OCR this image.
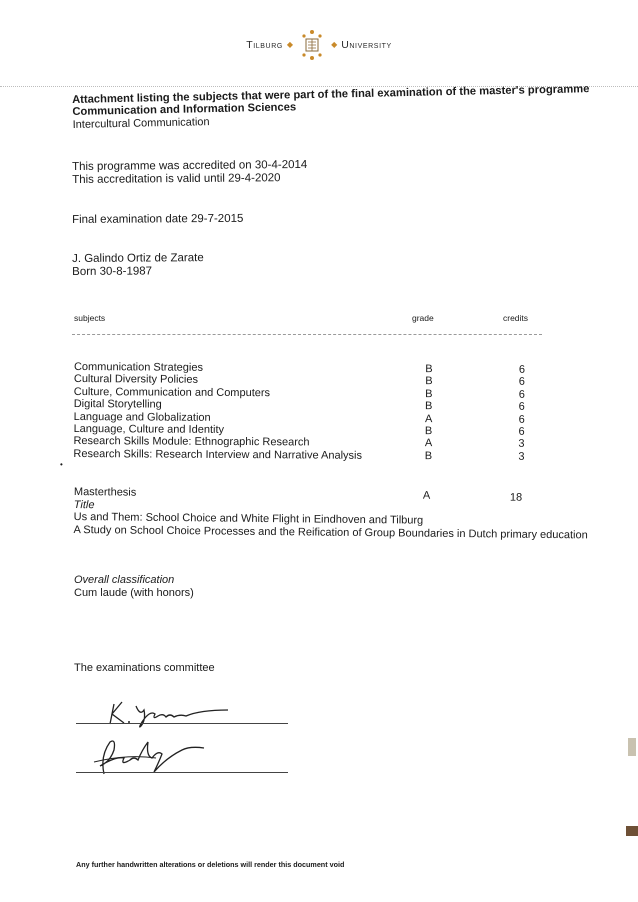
Tilburg ◆	◆ University
Attachment listing the subjects that were part of the final examination of the master's programme
Communication and Information Sciences
Intercultural Communication
This programme was accredited on 30-4-2014
This accreditation is valid until 29-4-2020
Final examination date 29-7-2015
J. Galindo Ortiz de Zarate
Born 30-8-1987
subjects	grade	credits
Communication Strategies	B	6
Cultural Diversity Policies	B	6
Culture, Communication and Computers	B	6
Digital Storytelling	B	6
Language and Globalization	A	6
Language, Culture and Identity	B	6
Research Skills Module: Ethnographic Research	A	3
Research Skills: Research Interview and Narrative Analysis	B	3
•
Masterthesis	A	18
Title
Us and Them: School Choice and White Flight in Eindhoven and Tilburg
A Study on School Choice Processes and the Reification of Group Boundaries in Dutch primary education
Overall classification
Cum laude (with honors)
The examinations committee
Any further handwritten alterations or deletions will render this document void
